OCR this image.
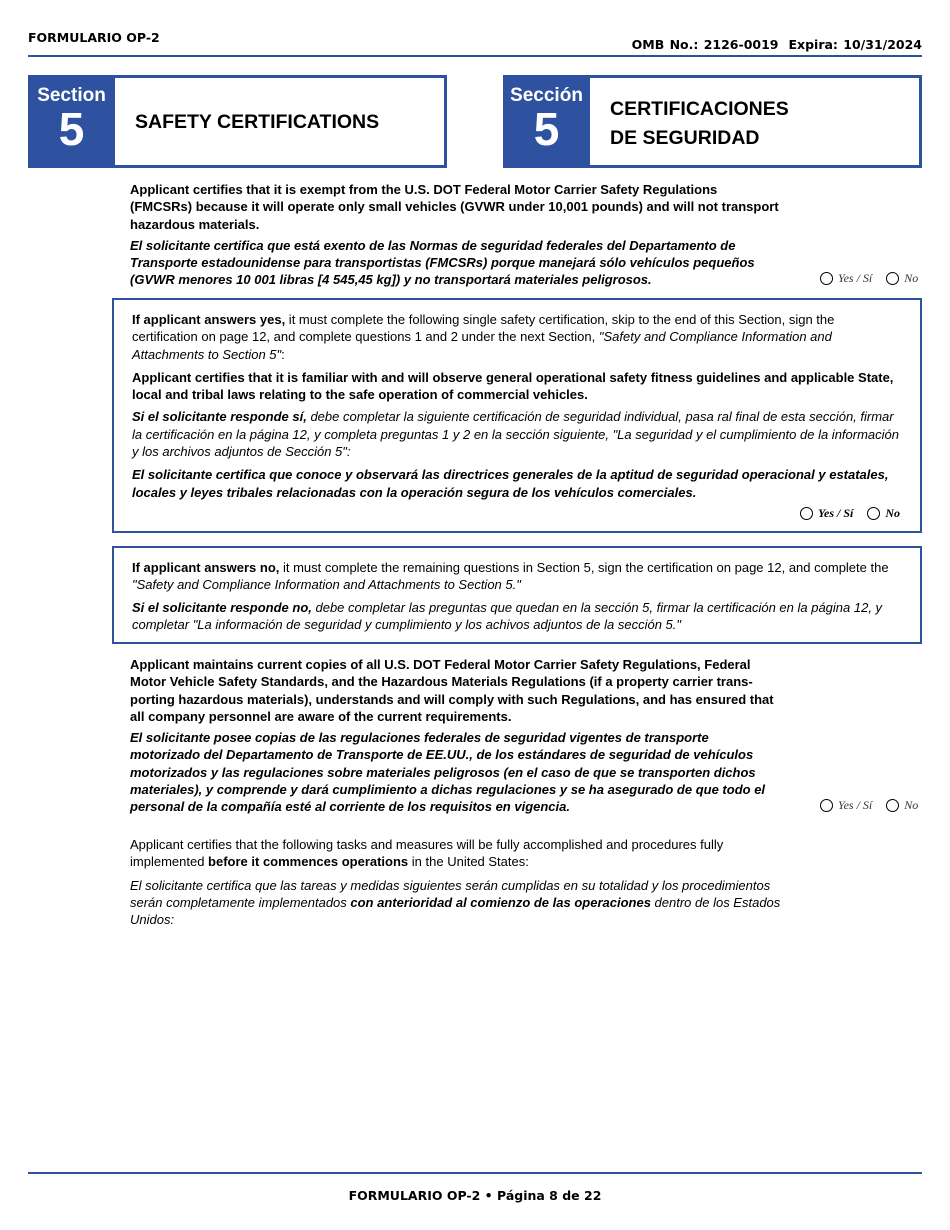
FORMULARIO OP-2	OMB No.: 2126-0019 Expira: 10/31/2024
Section
5	SAFETY CERTIFICATIONS
Sección
5	CERTIFICACIONES
DE SEGURIDAD

Applicant certifies that it is exempt from the U.S. DOT Federal Motor Carrier Safety Regulations (FMCSRs) because it will operate only small vehicles (GVWR under 10,001 pounds) and will not transport hazardous materials.

El solicitante certifica que está exento de las Normas de seguridad federales del Departamento de Transporte estadounidense para transportistas (FMCSRs) porque manejará sólo vehículos pequeños (GVWR menores 10 001 libras [4 545,45 kg]) y no transportará materiales peligrosos.	Yes / Sí	No

If applicant answers yes, it must complete the following single safety certification, skip to the end of this Section, sign the certification on page 12, and complete questions 1 and 2 under the next Section, "Safety and Compliance Information and Attachments to Section 5":

Applicant certifies that it is familiar with and will observe general operational safety fitness guidelines and applicable State, local and tribal laws relating to the safe operation of commercial vehicles.

Si el solicitante responde sí, debe completar la siguiente certificación de seguridad individual, pasa ral final de esta sección, firmar la certificación en la página 12, y completa preguntas 1 y 2 en la sección siguiente, "La seguridad y el cumplimiento de la información y los archivos adjuntos de Sección 5":

El solicitante certifica que conoce y observará las directrices generales de la aptitud de seguridad operacional y estatales, locales y leyes tribales relacionadas con la operación segura de los vehículos comerciales.

Yes / Sí	No

If applicant answers no, it must complete the remaining questions in Section 5, sign the certification on page 12, and complete the "Safety and Compliance Information and Attachments to Section 5."

Si el solicitante responde no, debe completar las preguntas que quedan en la sección 5, firmar la certificación en la página 12, y completar "La información de seguridad y cumplimiento y los achivos adjuntos de la sección 5."

Applicant maintains current copies of all U.S. DOT Federal Motor Carrier Safety Regulations, Federal Motor Vehicle Safety Standards, and the Hazardous Materials Regulations (if a property carrier trans-porting hazardous materials), understands and will comply with such Regulations, and has ensured that all company personnel are aware of the current requirements.

El solicitante posee copias de las regulaciones federales de seguridad vigentes de transporte motorizado del Departamento de Transporte de EE.UU., de los estándares de seguridad de vehículos motorizados y las regulaciones sobre materiales peligrosos (en el caso de que se transporten dichos materiales), y comprende y dará cumplimiento a dichas regulaciones y se ha asegurado de que todo el personal de la compañía esté al corriente de los requisitos en vigencia.	Yes / Sí	No

Applicant certifies that the following tasks and measures will be fully accomplished and procedures fully implemented before it commences operations in the United States:

El solicitante certifica que las tareas y medidas siguientes serán cumplidas en su totalidad y los procedimientos serán completamente implementados con anterioridad al comienzo de las operaciones dentro de los Estados Unidos:

FORMULARIO OP-2 • Página 8 de 22
